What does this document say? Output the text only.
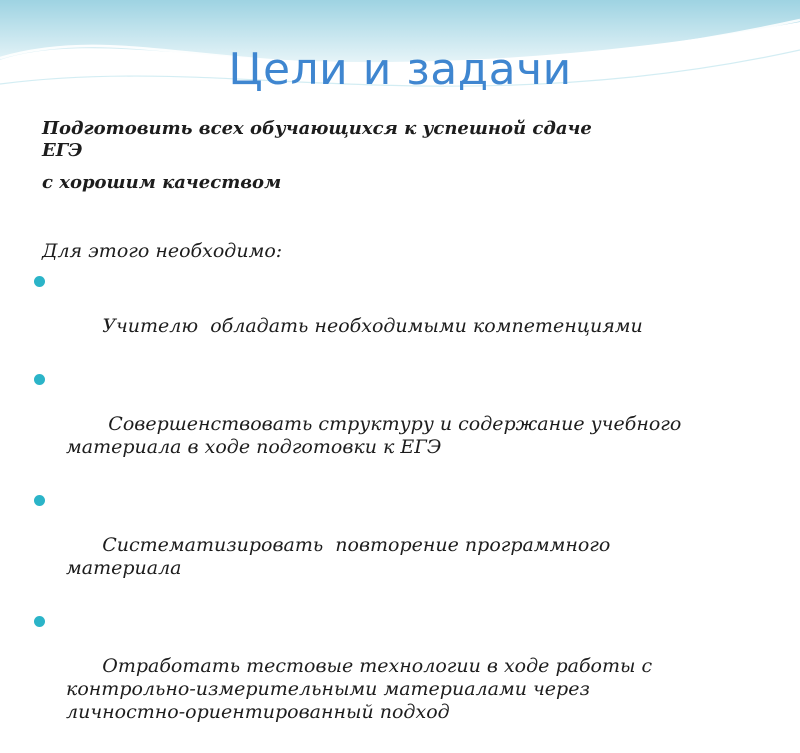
Цели и задачи

Подготовить всех обучающихся к успешной сдаче

ЕГЭ

с хорошим качеством

Для этого необходимо:

Учителю  обладать необходимыми компетенциями

Совершенствовать структуру и содержание учебного
материала в ходе подготовки к ЕГЭ

Систематизировать  повторение программного
материала

Отработать тестовые технологии в ходе работы с
контрольно-измерительными материалами через
личностно-ориентированный подход
